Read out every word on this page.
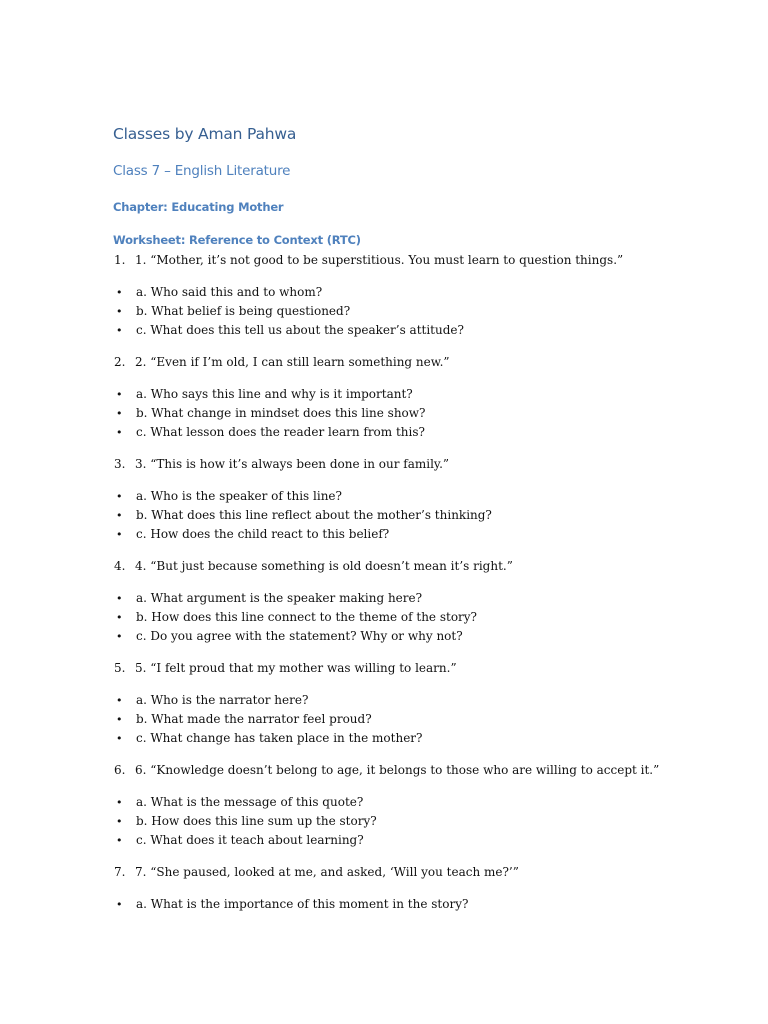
Classes by Aman Pahwa
Class 7 – English Literature
Chapter: Educating Mother
Worksheet: Reference to Context (RTC)
1. 1. “Mother, it’s not good to be superstitious. You must learn to question things.”
• a. Who said this and to whom?
• b. What belief is being questioned?
• c. What does this tell us about the speaker’s attitude?
2. 2. “Even if I’m old, I can still learn something new.”
• a. Who says this line and why is it important?
• b. What change in mindset does this line show?
• c. What lesson does the reader learn from this?
3. 3. “This is how it’s always been done in our family.”
• a. Who is the speaker of this line?
• b. What does this line reflect about the mother’s thinking?
• c. How does the child react to this belief?
4. 4. “But just because something is old doesn’t mean it’s right.”
• a. What argument is the speaker making here?
• b. How does this line connect to the theme of the story?
• c. Do you agree with the statement? Why or why not?
5. 5. “I felt proud that my mother was willing to learn.”
• a. Who is the narrator here?
• b. What made the narrator feel proud?
• c. What change has taken place in the mother?
6. 6. “Knowledge doesn’t belong to age, it belongs to those who are willing to accept it.”
• a. What is the message of this quote?
• b. How does this line sum up the story?
• c. What does it teach about learning?
7. 7. “She paused, looked at me, and asked, ‘Will you teach me?’”
• a. What is the importance of this moment in the story?
